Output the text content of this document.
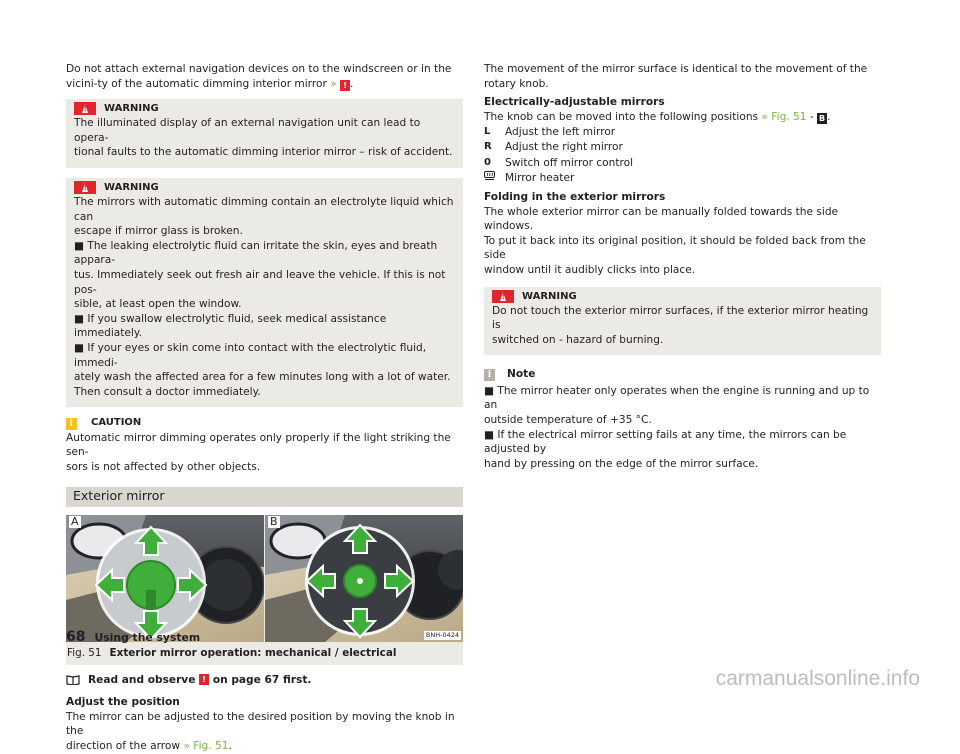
Do not attach external navigation devices on to the windscreen or in the vicini-ty of the automatic dimming interior mirror » ! .

!
WARNING

The illuminated display of an external navigation unit can lead to opera-

tional faults to the automatic dimming interior mirror – risk of accident.

!
WARNING

The mirrors with automatic dimming contain an electrolyte liquid which can

escape if mirror glass is broken.

■ The leaking electrolytic fluid can irritate the skin, eyes and breath appara-

tus. Immediately seek out fresh air and leave the vehicle. If this is not pos-

sible, at least open the window.

■ If you swallow electrolytic fluid, seek medical assistance immediately.

■ If your eyes or skin come into contact with the electrolytic fluid, immedi-

ately wash the affected area for a few minutes long with a lot of water.

Then consult a doctor immediately.

!
CAUTION

Automatic mirror dimming operates only properly if the light striking the sen-

sors is not affected by other objects.

Exterior mirror
A	B
BNH-0424
Fig. 51 Exterior mirror operation: mechanical / electrical
Read and observe
!
on page 67 first.

Adjust the position

The mirror can be adjusted to the desired position by moving the knob in the

direction of the arrow » Fig. 51.

The movement of the mirror surface is identical to the movement of the rotary knob.

Electrically-adjustable mirrors

The knob can be moved into the following positions » Fig. 51 - B .

L	Adjust the left mirror
R	Adjust the right mirror
0	Switch off mirror control
Mirror heater

Folding in the exterior mirrors

The whole exterior mirror can be manually folded towards the side windows.

To put it back into its original position, it should be folded back from the side

window until it audibly clicks into place.

!
WARNING

Do not touch the exterior mirror surfaces, if the exterior mirror heating is

switched on - hazard of burning.

i	Note

■ The mirror heater only operates when the engine is running and up to an

outside temperature of +35 °C.

■ If the electrical mirror setting fails at any time, the mirrors can be adjusted by

hand by pressing on the edge of the mirror surface.

68 Using the system
carmanualsonline.info
